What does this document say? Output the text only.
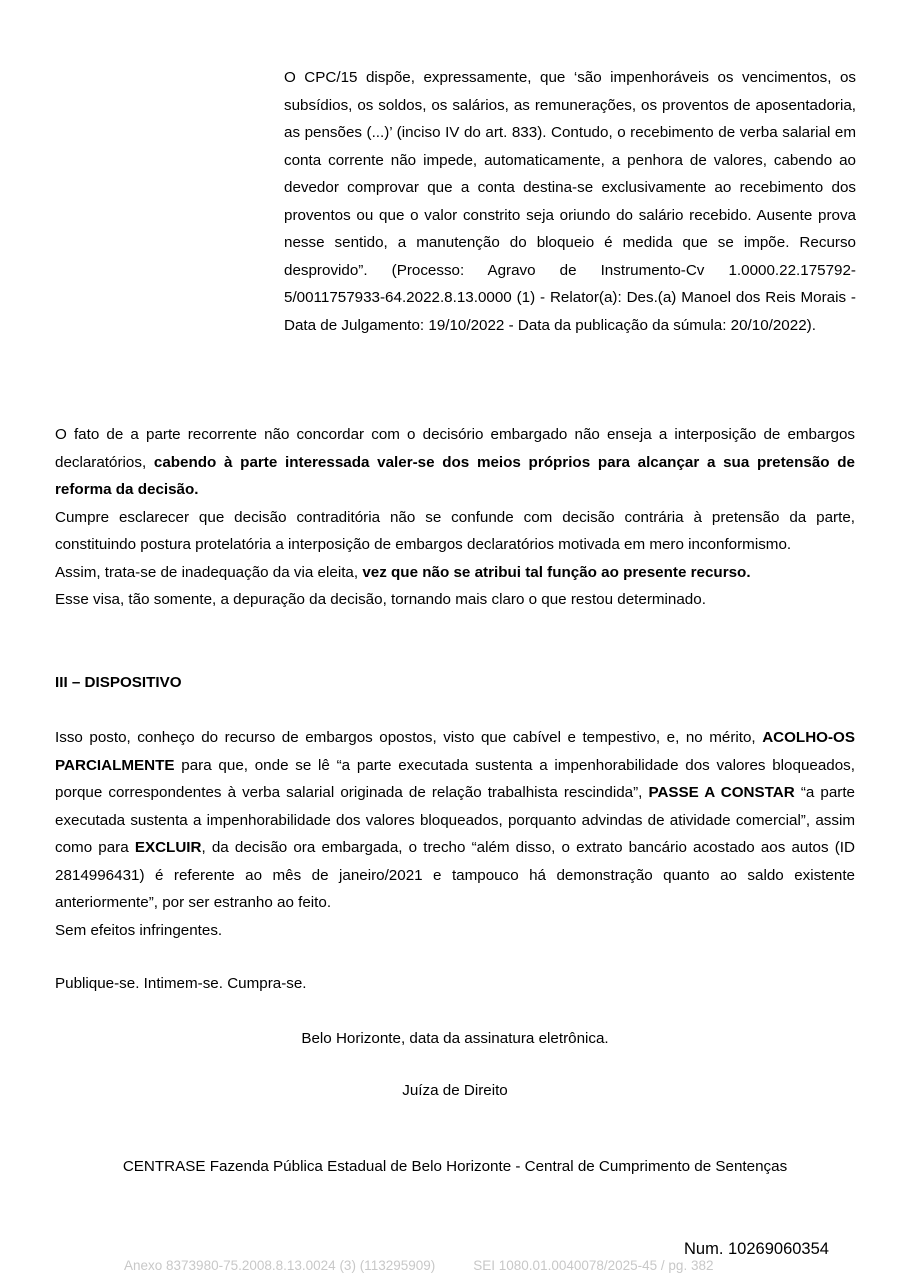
O CPC/15 dispõe, expressamente, que ‘são impenhoráveis os vencimentos, os subsídios, os soldos, os salários, as remunerações, os proventos de aposentadoria, as pensões (...)’ (inciso IV do art. 833). Contudo, o recebimento de verba salarial em conta corrente não impede, automaticamente, a penhora de valores, cabendo ao devedor comprovar que a conta destina-se exclusivamente ao recebimento dos proventos ou que o valor constrito seja oriundo do salário recebido. Ausente prova nesse sentido, a manutenção do bloqueio é medida que se impõe. Recurso desprovido”. (Processo: Agravo de Instrumento-Cv 1.0000.22.175792-5/0011757933-64.2022.8.13.0000 (1) - Relator(a): Des.(a) Manoel dos Reis Morais - Data de Julgamento: 19/10/2022 - Data da publicação da súmula: 20/10/2022).

O fato de a parte recorrente não concordar com o decisório embargado não enseja a interposição de embargos declaratórios, cabendo à parte interessada valer-se dos meios próprios para alcançar a sua pretensão de reforma da decisão.

Cumpre esclarecer que decisão contraditória não se confunde com decisão contrária à pretensão da parte, constituindo postura protelatória a interposição de embargos declaratórios motivada em mero inconformismo.

Assim, trata-se de inadequação da via eleita, vez que não se atribui tal função ao presente recurso.

Esse visa, tão somente, a depuração da decisão, tornando mais claro o que restou determinado.

III – DISPOSITIVO

Isso posto, conheço do recurso de embargos opostos, visto que cabível e tempestivo, e, no mérito, ACOLHO-OS PARCIALMENTE para que, onde se lê “a parte executada sustenta a impenhorabilidade dos valores bloqueados, porque correspondentes à verba salarial originada de relação trabalhista rescindida”, PASSE A CONSTAR “a parte executada sustenta a impenhorabilidade dos valores bloqueados, porquanto advindas de atividade comercial”, assim como para EXCLUIR, da decisão ora embargada, o trecho “além disso, o extrato bancário acostado aos autos (ID 2814996431) é referente ao mês de janeiro/2021 e tampouco há demonstração quanto ao saldo existente anteriormente”, por ser estranho ao feito.

Sem efeitos infringentes.

Publique-se. Intimem-se. Cumpra-se.
Belo Horizonte, data da assinatura eletrônica.
Juíza de Direito
CENTRASE Fazenda Pública Estadual de Belo Horizonte - Central de Cumprimento de Sentenças
Num. 10269060354
Anexo 8373980-75.2008.8.13.0024 (3) (113295909)	SEI 1080.01.0040078/2025-45 / pg. 382
